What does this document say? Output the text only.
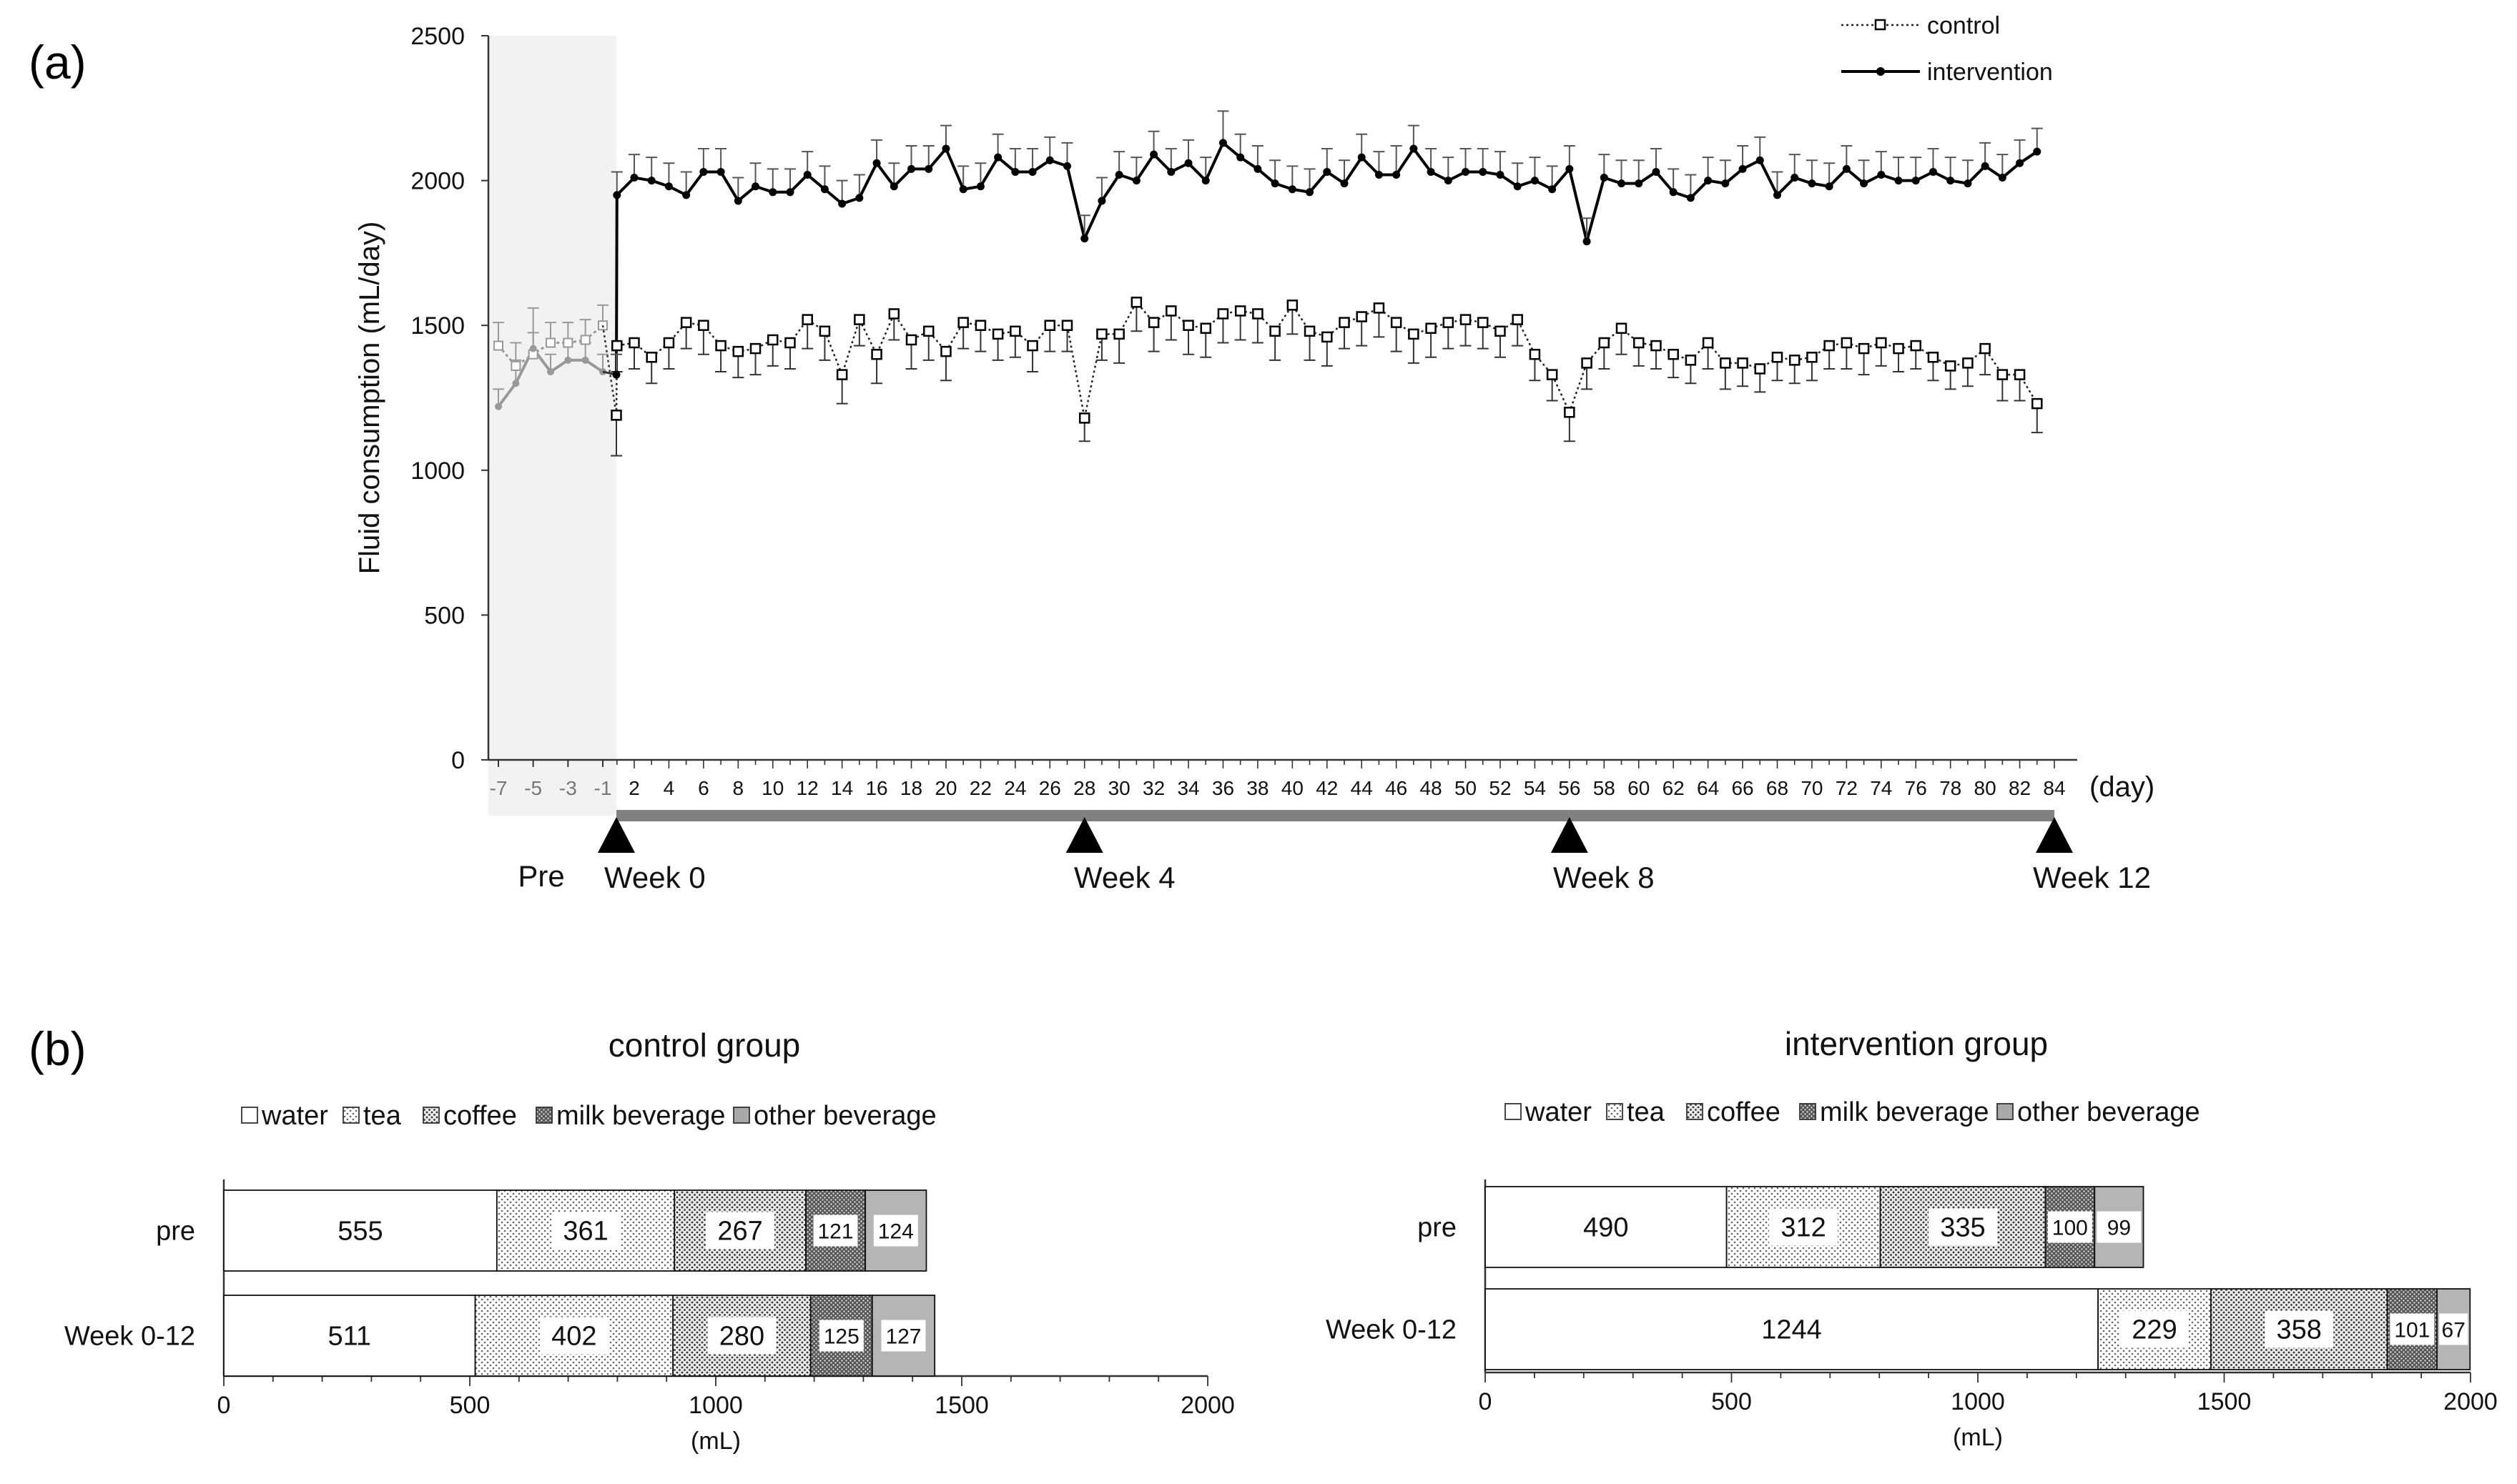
(a)
(b)
0
500
1000
1500
2000
2500
Fluid consumption (mL/day)
-7 -5 -3 -1 2 4 6 8 10 12 14 16 18 20 22 24 26 28 30 32 34 36 38 40 42 44 46 48 50 52 54 56 58 60 62 64 66 68 70 72 74 76 78 80 82 84 (day)
Pre Week 0	Week 4	Week 8	Week 12
control
intervention
control group
water tea coffee milk beverage other beverage
0	500	1000	1500	2000
(mL)
pre	555	361	267	121 124
Week 0-12	511	402	280	125 127
intervention group
water tea coffee milk beverage other beverage
0	500	1000	1500	2000
(mL)
pre	490	312	335	100 99
Week 0-12	1244	229	358	101 67
